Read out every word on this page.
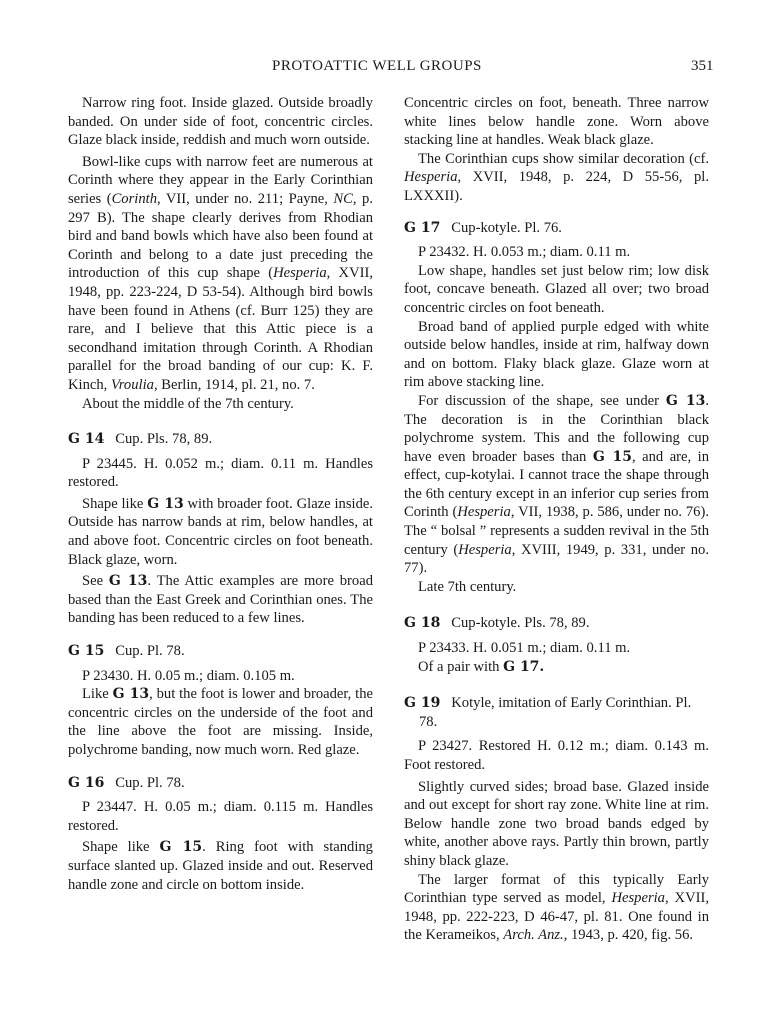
PROTOATTIC WELL GROUPS	351

Narrow ring foot. Inside glazed. Outside broadly banded. On under side of foot, concentric circles. Glaze black inside, reddish and much worn outside.

Bowl-like cups with narrow feet are numerous at Corinth where they appear in the Early Corinthian series (Corinth, VII, under no. 211; Payne, NC, p. 297 B). The shape clearly derives from Rhodian bird and band bowls which have also been found at Corinth and belong to a date just preceding the introduction of this cup shape (Hesperia, XVII, 1948, pp. 223-224, D 53-54). Although bird bowls have been found in Athens (cf. Burr 125) they are rare, and I believe that this Attic piece is a secondhand imitation through Corinth. A Rhodian parallel for the broad banding of our cup: K. F. Kinch, Vroulia, Berlin, 1914, pl. 21, no. 7.

About the middle of the 7th century.

G 14 Cup. Pls. 78, 89.

P 23445. H. 0.052 m.; diam. 0.11 m. Handles restored.

Shape like G 13 with broader foot. Glaze inside. Outside has narrow bands at rim, below handles, at and above foot. Concentric circles on foot beneath. Black glaze, worn.

See G 13. The Attic examples are more broad based than the East Greek and Corinthian ones. The banding has been reduced to a few lines.

G 15 Cup. Pl. 78.

P 23430. H. 0.05 m.; diam. 0.105 m.

Like G 13, but the foot is lower and broader, the concentric circles on the underside of the foot and the line above the foot are missing. Inside, polychrome banding, now much worn. Red glaze.

G 16 Cup. Pl. 78.

P 23447. H. 0.05 m.; diam. 0.115 m. Handles restored.

Shape like G 15. Ring foot with standing surface slanted up. Glazed inside and out. Reserved handle zone and circle on bottom inside.

Concentric circles on foot, beneath. Three narrow white lines below handle zone. Worn above stacking line at handles. Weak black glaze.

The Corinthian cups show similar decoration (cf. Hesperia, XVII, 1948, p. 224, D 55-56, pl. LXXXII).

G 17 Cup-kotyle. Pl. 76.

P 23432. H. 0.053 m.; diam. 0.11 m.

Low shape, handles set just below rim; low disk foot, concave beneath. Glazed all over; two broad concentric circles on foot beneath.

Broad band of applied purple edged with white outside below handles, inside at rim, halfway down and on bottom. Flaky black glaze. Glaze worn at rim above stacking line.

For discussion of the shape, see under G 13. The decoration is in the Corinthian black polychrome system. This and the following cup have even broader bases than G 15, and are, in effect, cup-kotylai. I cannot trace the shape through the 6th century except in an inferior cup series from Corinth (Hesperia, VII, 1938, p. 586, under no. 76). The “ bolsal ” represents a sudden revival in the 5th century (Hesperia, XVIII, 1949, p. 331, under no. 77).

Late 7th century.

G 18 Cup-kotyle. Pls. 78, 89.

P 23433. H. 0.051 m.; diam. 0.11 m.

Of a pair with G 17.

G 19 Kotyle, imitation of Early Corinthian. Pl. 78.

P 23427. Restored H. 0.12 m.; diam. 0.143 m. Foot restored.

Slightly curved sides; broad base. Glazed inside and out except for short ray zone. White line at rim. Below handle zone two broad bands edged by white, another above rays. Partly thin brown, partly shiny black glaze.

The larger format of this typically Early Corinthian type served as model, Hesperia, XVII, 1948, pp. 222-223, D 46-47, pl. 81. One found in the Kerameikos, Arch. Anz., 1943, p. 420, fig. 56.
